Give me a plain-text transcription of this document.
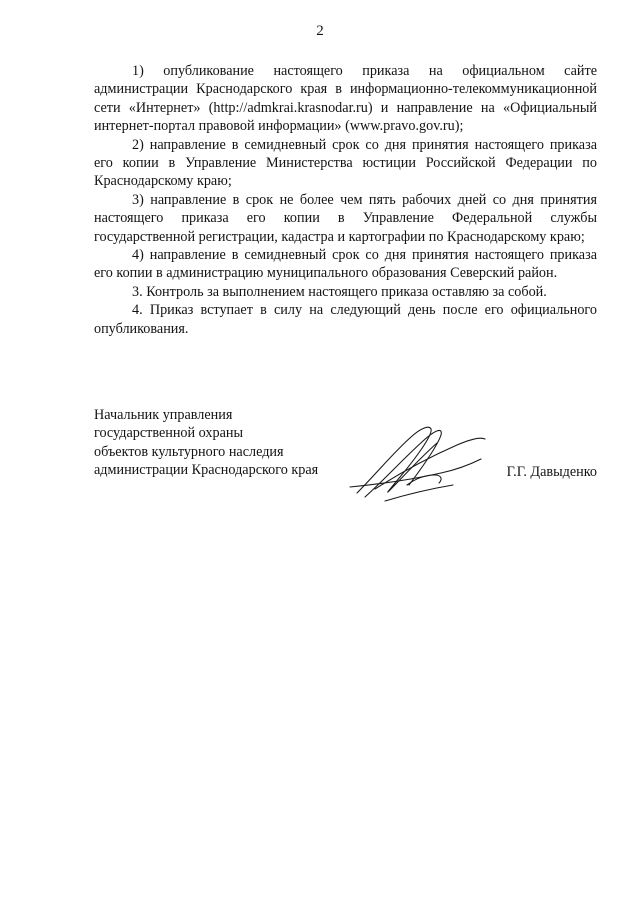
2

1) опубликование настоящего приказа на официальном сайте администрации Краснодарского края в информационно-телекоммуникационной сети «Интернет» (http://admkrai.krasnodar.ru) и направление на «Официальный интернет-портал правовой информации» (www.pravo.gov.ru);

2) направление в семидневный срок со дня принятия настоящего приказа его копии в Управление Министерства юстиции Российской Федерации по Краснодарскому краю;

3) направление в срок не более чем пять рабочих дней со дня принятия настоящего приказа его копии в Управление Федеральной службы государственной регистрации, кадастра и картографии по Краснодарскому краю;

4) направление в семидневный срок со дня принятия настоящего приказа его копии в администрацию муниципального образования Северский район.

3. Контроль за выполнением настоящего приказа оставляю за собой.

4. Приказ вступает в силу на следующий день после его официального опубликования.

Начальник управления
государственной охраны
объектов культурного наследия
администрации Краснодарского края	Г.Г. Давыденко
